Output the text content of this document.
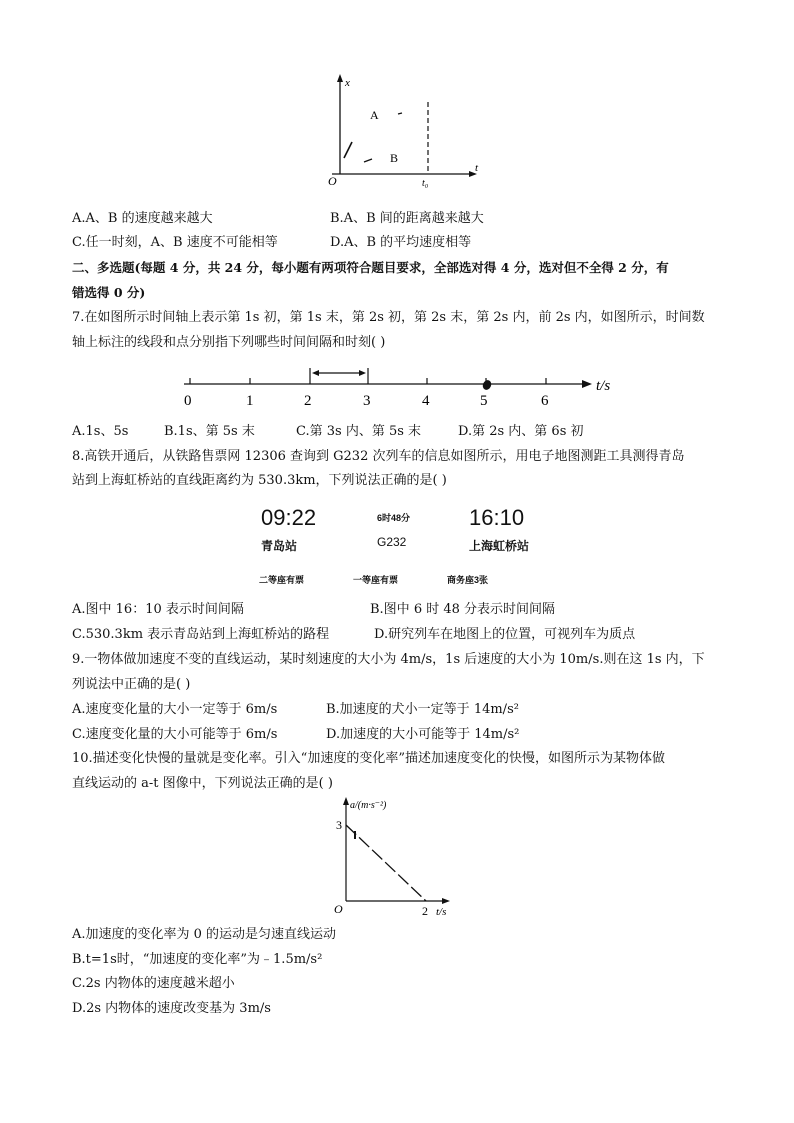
x
t
O	t₀
A
B
A.A、B 的速度越来越大	B.A、B 间的距离越来越大
C.任一时刻，A、B 速度不可能相等	D.A、B 的平均速度相等
二、多选题(每题 4 分，共 24 分，每小题有两项符合题目要求，全部选对得 4 分，选对但不全得 2 分，有
错选得 0 分)
7.在如图所示时间轴上表示第 1s 初，第 1s 末，第 2s 初，第 2s 末，第 2s 内，前 2s 内，如图所示，时间数
轴上标注的线段和点分别指下列哪些时间间隔和时刻( )
0	1	2	3	4	5	6
t/s
A.1s、5s	B.1s、第 5s 末	C.第 3s 内、第 5s 末	D.第 2s 内、第 6s 初
8.高铁开通后，从铁路售票网 12306 查询到 G232 次列车的信息如图所示，用电子地图测距工具测得青岛
站到上海虹桥站的直线距离约为 530.3km，下列说法正确的是( )
09:22	6时48分	16:10
青岛站	G232	上海虹桥站
二等座有票	一等座有票	商务座3张
A.图中 16：10 表示时间间隔	B.图中 6 时 48 分表示时间间隔
C.530.3km 表示青岛站到上海虹桥站的路程	D.研究列车在地图上的位置，可视列车为质点
9.一物体做加速度不变的直线运动，某时刻速度的大小为 4m/s，1s 后速度的大小为 10m/s.则在这 1s 内，下
列说法中正确的是( )
A.速度变化量的大小一定等于 6m/s	B.加速度的犬小一定等于 14m/s²
C.速度变化量的大小可能等于 6m/s	D.加速度的大小可能等于 14m/s²
10.描述变化快慢的量就是变化率。引入“加速度的变化率”描述加速度变化的快慢，如图所示为某物体做
直线运动的 a-t 图像中，下列说法正确的是( )
a/(m·s⁻²)
3
O	2 t/s
A.加速度的变化率为 0 的运动是匀速直线运动
B.t=1s时，“加速度的变化率”为﹣1.5m/s²
C.2s 内物体的速度越米超小
D.2s 内物体的速度改变基为 3m/s
